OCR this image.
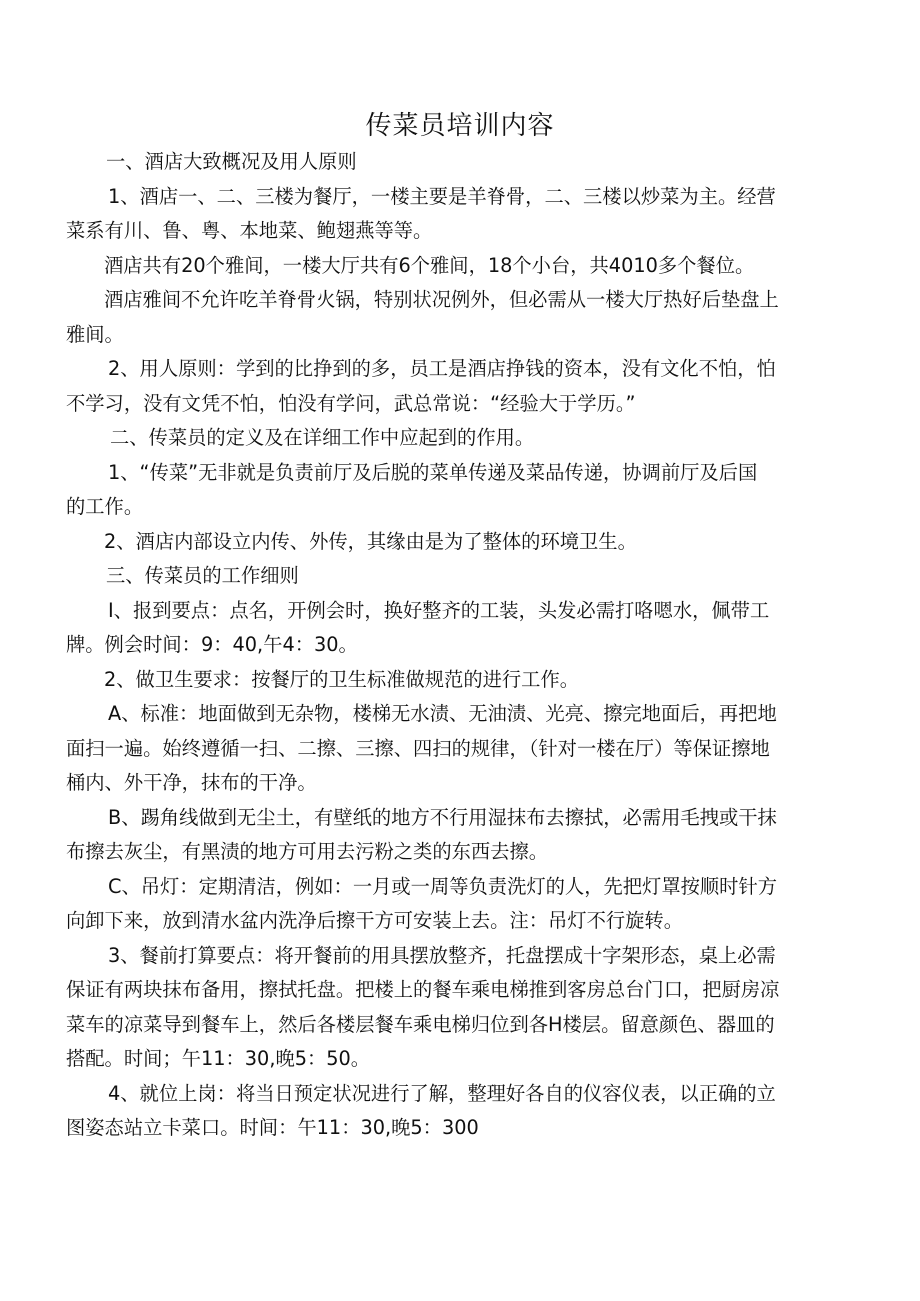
传菜员培训内容

一、酒店大致概况及用人原则

1、酒店一、二、三楼为餐厅，一楼主要是羊脊骨，二、三楼以炒菜为主。经营

菜系有川、鲁、粤、本地菜、鲍翅燕等等。

酒店共有20个雅间，一楼大厅共有6个雅间，18个小台，共4010多个餐位。

酒店雅间不允许吃羊脊骨火锅，特别状况例外，但必需从一楼大厅热好后垫盘上

雅间。

2、用人原则：学到的比挣到的多，员工是酒店挣钱的资本，没有文化不怕，怕

不学习，没有文凭不怕，怕没有学问，武总常说：“经验大于学历。”

二、传菜员的定义及在详细工作中应起到的作用。

1、“传菜”无非就是负责前厅及后脱的菜单传递及菜品传递，协调前厅及后国

的工作。

2、酒店内部设立内传、外传，其缘由是为了整体的环境卫生。

三、传菜员的工作细则

I、报到要点：点名，开例会时，换好整齐的工装，头发必需打咯嗯水，佩带工

牌。例会时间：9：40,午4：30。

2、做卫生要求：按餐厅的卫生标准做规范的进行工作。

A、标准：地面做到无杂物，楼梯无水渍、无油渍、光亮、擦完地面后，再把地

面扫一遍。始终遵循一扫、二擦、三擦、四扫的规律，（针对一楼在厅）等保证擦地

桶内、外干净，抹布的干净。

B、踢角线做到无尘土，有壁纸的地方不行用湿抹布去擦拭，必需用毛拽或干抹

布擦去灰尘，有黑渍的地方可用去污粉之类的东西去擦。

C、吊灯：定期清洁，例如：一月或一周等负责洗灯的人，先把灯罩按顺时针方

向卸下来，放到清水盆内洗净后擦干方可安装上去。注：吊灯不行旋转。

3、餐前打算要点：将开餐前的用具摆放整齐，托盘摆成十字架形态，桌上必需

保证有两块抹布备用，擦拭托盘。把楼上的餐车乘电梯推到客房总台门口，把厨房凉

菜车的凉菜导到餐车上，然后各楼层餐车乘电梯归位到各H楼层。留意颜色、器皿的

搭配。时间；午11：30,晚5：50。

4、就位上岗：将当日预定状况进行了解，整理好各自的仪容仪表，以正确的立

图姿态站立卡菜口。时间：午11：30,晚5：300
